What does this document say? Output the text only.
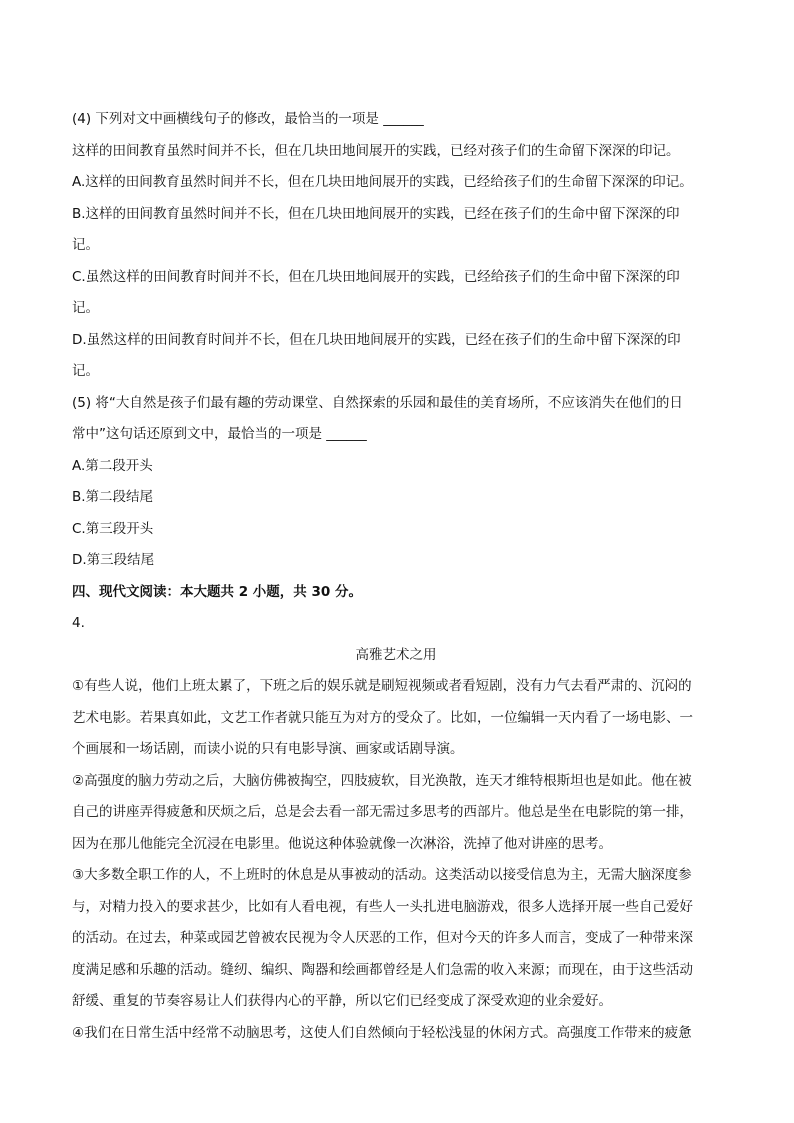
(4) 下列对文中画横线句子的修改，最恰当的一项是 ______
这样的田间教育虽然时间并不长，但在几块田地间展开的实践，已经对孩子们的生命留下深深的印记。
A.这样的田间教育虽然时间并不长，但在几块田地间展开的实践，已经给孩子们的生命留下深深的印记。
B.这样的田间教育虽然时间并不长，但在几块田地间展开的实践，已经在孩子们的生命中留下深深的印
记。
C.虽然这样的田间教育时间并不长，但在几块田地间展开的实践，已经给孩子们的生命中留下深深的印
记。
D.虽然这样的田间教育时间并不长，但在几块田地间展开的实践，已经在孩子们的生命中留下深深的印
记。
(5) 将“大自然是孩子们最有趣的劳动课堂、自然探索的乐园和最佳的美育场所，不应该消失在他们的日
常中”这句话还原到文中，最恰当的一项是 ______
A.第二段开头
B.第二段结尾
C.第三段开头
D.第三段结尾
四、现代文阅读：本大题共 2 小题，共 30 分。
4.
高雅艺术之用
①有些人说，他们上班太累了，下班之后的娱乐就是刷短视频或者看短剧，没有力气去看严肃的、沉闷的
艺术电影。若果真如此，文艺工作者就只能互为对方的受众了。比如，一位编辑一天内看了一场电影、一
个画展和一场话剧，而读小说的只有电影导演、画家或话剧导演。
②高强度的脑力劳动之后，大脑仿佛被掏空，四肢疲软，目光涣散，连天才维特根斯坦也是如此。他在被
自己的讲座弄得疲惫和厌烦之后，总是会去看一部无需过多思考的西部片。他总是坐在电影院的第一排，
因为在那儿他能完全沉浸在电影里。他说这种体验就像一次淋浴，洗掉了他对讲座的思考。
③大多数全职工作的人，不上班时的休息是从事被动的活动。这类活动以接受信息为主，无需大脑深度参
与，对精力投入的要求甚少，比如有人看电视，有些人一头扎进电脑游戏，很多人选择开展一些自己爱好
的活动。在过去，种菜或园艺曾被农民视为令人厌恶的工作，但对今天的许多人而言，变成了一种带来深
度满足感和乐趣的活动。缝纫、编织、陶器和绘画都曾经是人们急需的收入来源；而现在，由于这些活动
舒缓、重复的节奏容易让人们获得内心的平静，所以它们已经变成了深受欢迎的业余爱好。
④我们在日常生活中经常不动脑思考，这使人们自然倾向于轻松浅显的休闲方式。高强度工作带来的疲惫
